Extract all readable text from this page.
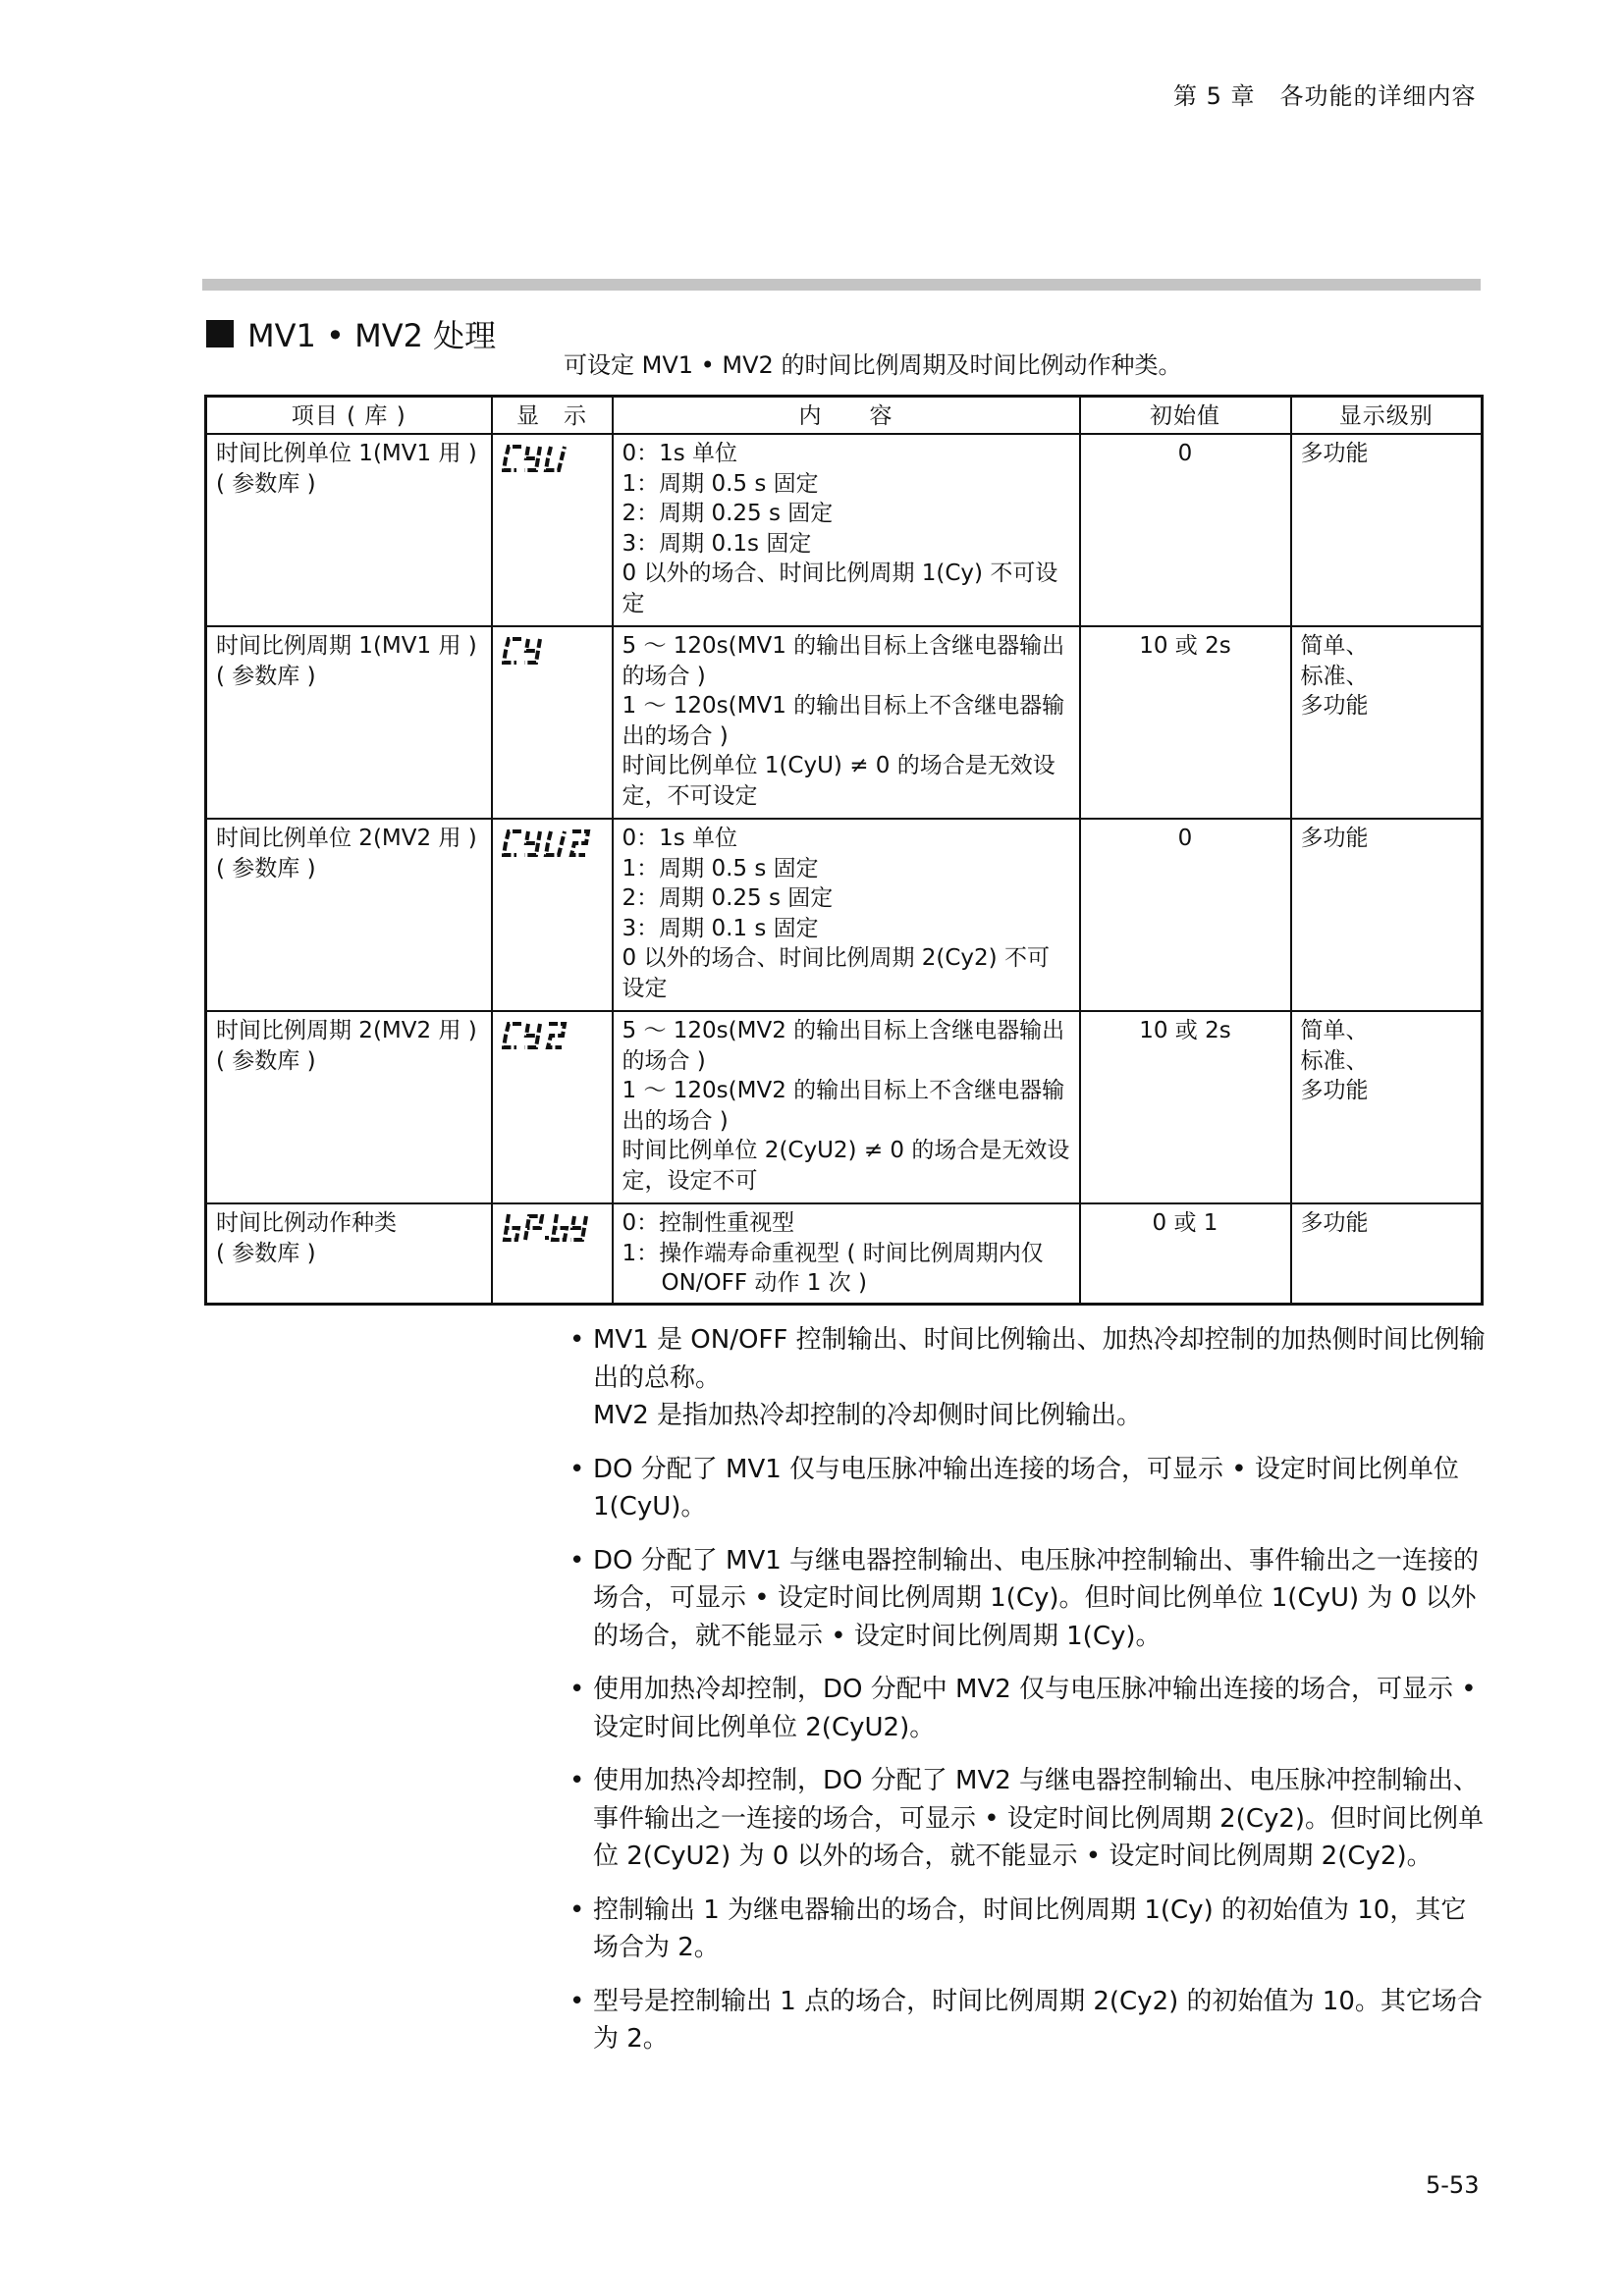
第 5 章　各功能的详细内容
MV1 • MV2 处理
可设定 MV1 • MV2 的时间比例周期及时间比例动作种类。
项目 ( 库 )	显　示	内　　容	初始值	显示级别

时间比例单位 1(MV1 用 )
( 参数库 )		0：1s 单位
1：周期 0.5 s 固定
2：周期 0.25 s 固定
3：周期 0.1s 固定
0 以外的场合、时间比例周期 1(Cy) 不可设定	0	多功能

时间比例周期 1(MV1 用 )
( 参数库 )		5 ～ 120s(MV1 的输出目标上含继电器输出的场合 )
1 ～ 120s(MV1 的输出目标上不含继电器输出的场合 )
时间比例单位 1(CyU) ≠ 0 的场合是无效设定，不可设定	10 或 2s	简单、
标准、
多功能

时间比例单位 2(MV2 用 )
( 参数库 )		0：1s 单位
1：周期 0.5 s 固定
2：周期 0.25 s 固定
3：周期 0.1 s 固定
0 以外的场合、时间比例周期 2(Cy2) 不可设定	0	多功能

时间比例周期 2(MV2 用 )
( 参数库 )		5 ～ 120s(MV2 的输出目标上含继电器输出的场合 )
1 ～ 120s(MV2 的输出目标上不含继电器输出的场合 )
时间比例单位 2(CyU2) ≠ 0 的场合是无效设定，设定不可	10 或 2s	简单、
标准、
多功能

时间比例动作种类
( 参数库 )		0：控制性重视型
1：操作端寿命重视型 ( 时间比例周期内仅
ON/OFF 动作 1 次 )	0 或 1	多功能
• MV1 是 ON/OFF 控制输出、时间比例输出、加热冷却控制的加热侧时间比例输出的总称。
MV2 是指加热冷却控制的冷却侧时间比例输出。
• DO 分配了 MV1 仅与电压脉冲输出连接的场合，可显示 • 设定时间比例单位 1(CyU)。
• DO 分配了 MV1 与继电器控制输出、电压脉冲控制输出、事件输出之一连接的场合，可显示 • 设定时间比例周期 1(Cy)。但时间比例单位 1(CyU) 为 0 以外的场合，就不能显示 • 设定时间比例周期 1(Cy)。
• 使用加热冷却控制，DO 分配中 MV2 仅与电压脉冲输出连接的场合，可显示 • 设定时间比例单位 2(CyU2)。
• 使用加热冷却控制，DO 分配了 MV2 与继电器控制输出、电压脉冲控制输出、事件输出之一连接的场合，可显示 • 设定时间比例周期 2(Cy2)。但时间比例单位 2(CyU2) 为 0 以外的场合，就不能显示 • 设定时间比例周期 2(Cy2)。
• 控制输出 1 为继电器输出的场合，时间比例周期 1(Cy) 的初始值为 10，其它场合为 2。
• 型号是控制输出 1 点的场合，时间比例周期 2(Cy2) 的初始值为 10。其它场合为 2。
5-53
